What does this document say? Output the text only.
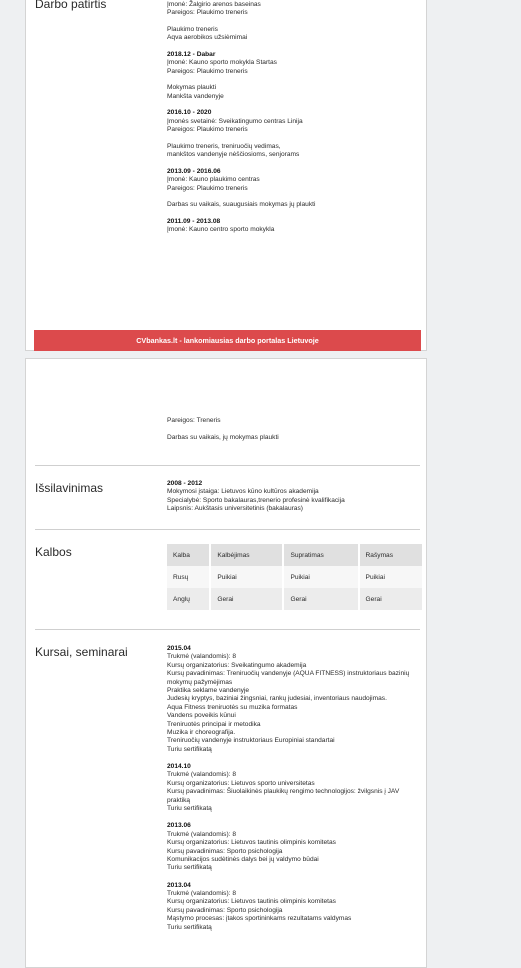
Darbo patirtis	Įmonė: Žalgirio arenos baseinas
Pareigos: Plaukimo treneris
Plaukimo treneris
Aqva aerobikos užsiėmimai
2018.12 - Dabar
Įmonė: Kauno sporto mokykla Startas
Pareigos: Plaukimo treneris
Mokymas plaukti
Mankšta vandenyje
2016.10 - 2020
Įmonės svetainė: Sveikatingumo centras Linija
Pareigos: Plaukimo treneris
Plaukimo treneris, treniruočių vedimas,
mankštos vandenyje nėščiosioms, senjorams
2013.09 - 2016.06
Įmonė: Kauno plaukimo centras
Pareigos: Plaukimo treneris
Darbas su vaikais, suaugusiais mokymas jų plaukti
2011.09 - 2013.08
Įmonė: Kauno centro sporto mokykla
CVbankas.lt - lankomiausias darbo portalas Lietuvoje
Pareigos: Treneris
Darbas su vaikais, jų mokymas plaukti
Išsilavinimas	2008 - 2012
Mokymosi įstaiga: Lietuvos kūno kultūros akademija
Specialybė: Sporto bakalauras,trenerio profesinė kvalifikacija
Laipsnis: Aukštasis universitetinis (bakalauras)
Kalbos	Kalba	Kalbėjimas	Supratimas	Rašymas
Rusų	Puikiai	Puikiai	Puikiai
Anglų	Gerai	Gerai	Gerai
Kursai, seminarai	2015.04
Trukmė (valandomis): 8
Kursų organizatorius: Sveikatingumo akademija
Kursų pavadinimas: Treniruočių vandenyje (AQUA FITNESS) instruktoriaus bazinių
mokymų pažymėjimas
Praktika seklame vandenyje
Judesių kryptys, baziniai žingsniai, rankų judesiai, inventoriaus naudojimas.
Aqua Fitness treniruotės su muzika formatas
Vandens poveikis kūnui
Treniruotės principai ir metodika
Muzika ir choreografija.
Treniruočių vandenyje instruktoriaus Europiniai standartai
Turiu sertifikatą
2014.10
Trukmė (valandomis): 8
Kursų organizatorius: Lietuvos sporto universitetas
Kursų pavadinimas: Šiuolaikinės plaukikų rengimo technologijos: žvilgsnis į JAV
praktiką
Turiu sertifikatą
2013.06
Trukmė (valandomis): 8
Kursų organizatorius: Lietuvos tautinis olimpinis komitetas
Kursų pavadinimas: Sporto psichologija
Komunikacijos sudėtinės dalys bei jų valdymo būdai
Turiu sertifikatą
2013.04
Trukmė (valandomis): 8
Kursų organizatorius: Lietuvos tautinis olimpinis komitetas
Kursų pavadinimas: Sporto psichologija
Mąstymo procesas: įtakos sportininkams rezultatams valdymas
Turiu sertifikatą
